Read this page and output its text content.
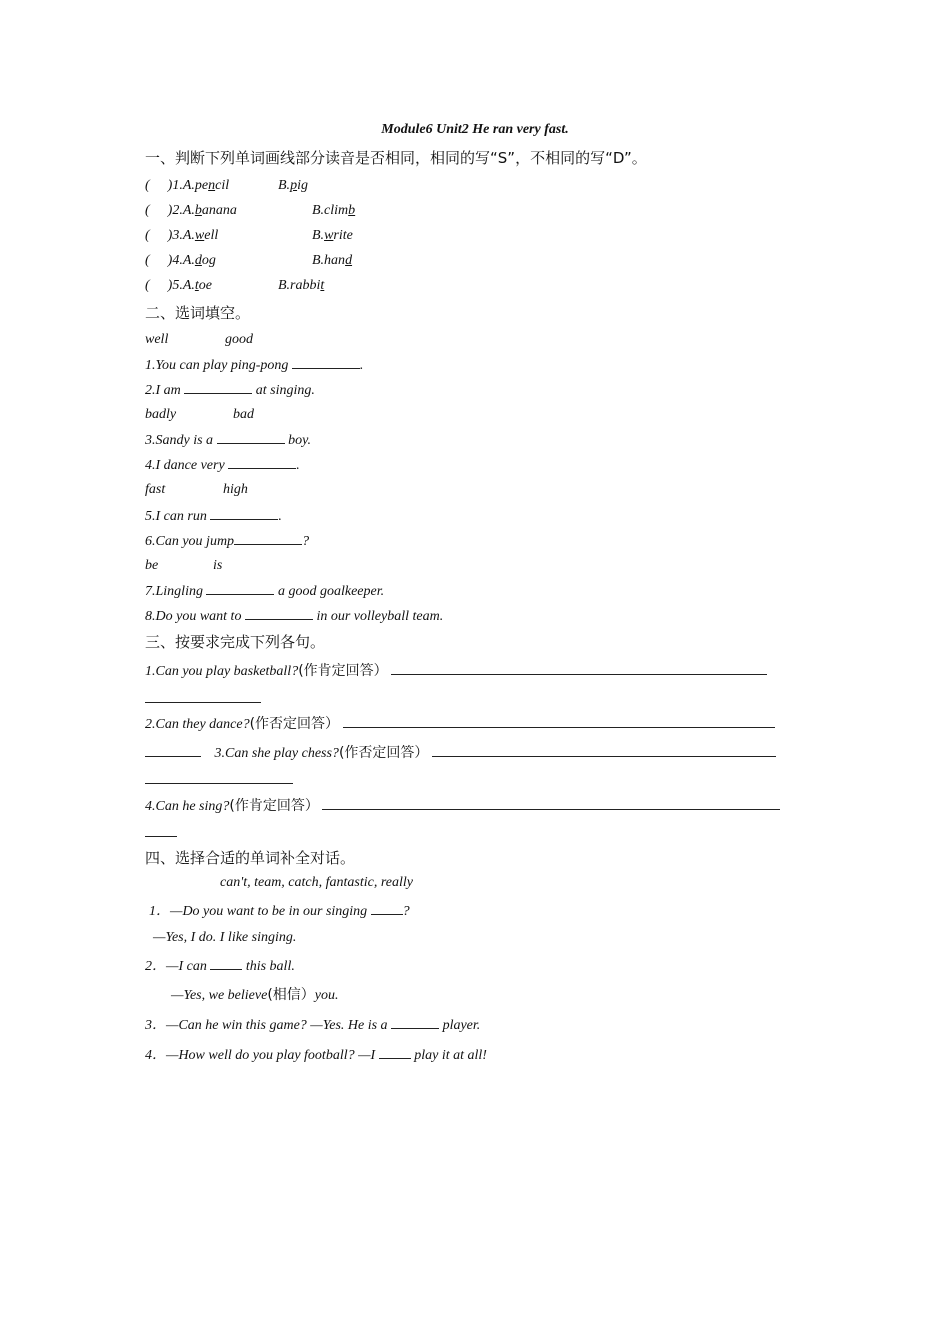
Module6 Unit2 He ran very fast.
一、判断下列单词画线部分读音是否相同，相同的写“S”，不相同的写“D”。
( )1.A.pencil	B.pig
( )2.A.banana	B.climb
( )3.A.well	B.write
( )4.A.dog	B.hand
( )5.A.toe	B.rabbit
二、选词填空。
well	good
1.You can play ping-pong	.
2.I am	at singing.
badly	bad
3.Sandy is a	boy.
4.I dance very	.
fast	high
5.I can run	.
6.Can you jump	?
be	is
7.Lingling	a good goalkeeper.
8.Do you want to	in our volleyball team.
三、按要求完成下列各句。
1.Can you play basketball?(作肯定回答）
2.Can they dance?(作否定回答）
3.Can she play chess?(作否定回答）
4.Can he sing?(作肯定回答）
四、选择合适的单词补全对话。
can't, team, catch, fantastic, really
1．—Do you want to be in our singing	?
—Yes, I do. I like singing.
2．—I can	this ball.
—Yes, we believe(相信）you.
3．—Can he win this game? —Yes. He is a	player.
4．—How well do you play football? —I	play it at all!
